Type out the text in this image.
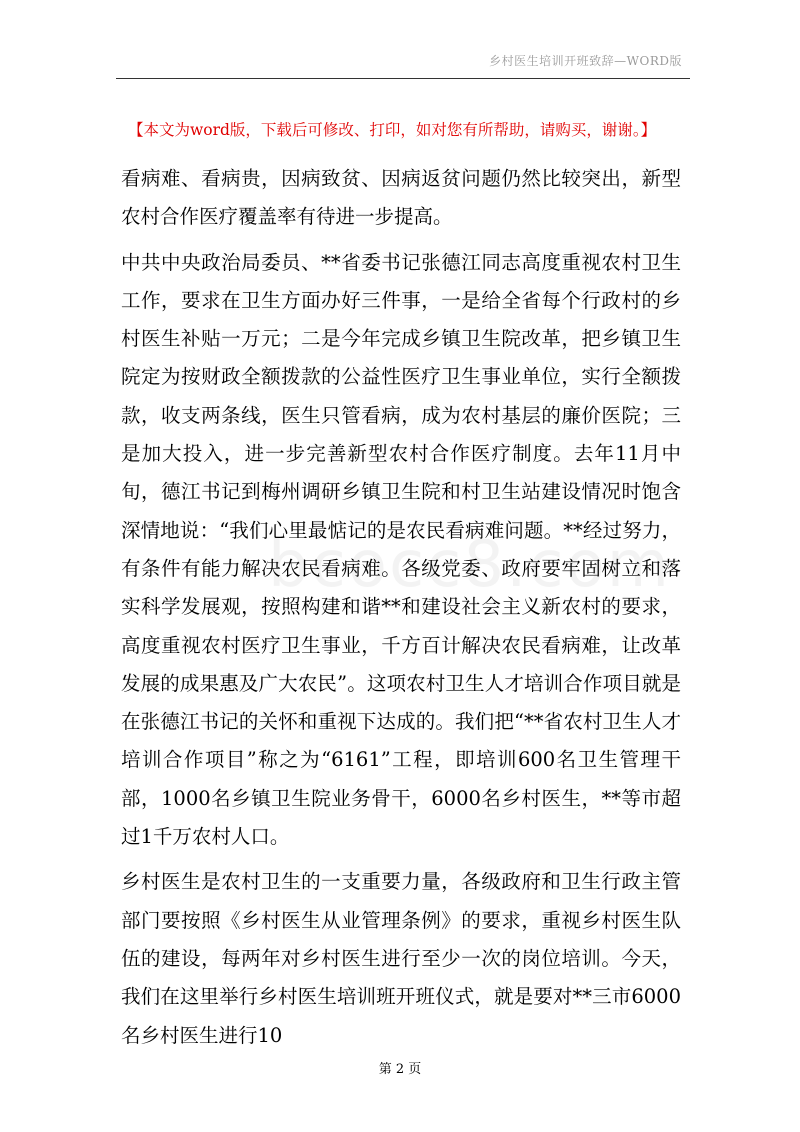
乡村医生培训开班致辞—WORD版
【本文为word版，下载后可修改、打印，如对您有所帮助，请购买，谢谢。】

看病难、看病贵，因病致贫、因病返贫问题仍然比较突出，新型农村合作医疗覆盖率有待进一步提高。

中共中央政治局委员、**省委书记张德江同志高度重视农村卫生工作，要求在卫生方面办好三件事，一是给全省每个行政村的乡村医生补贴一万元；二是今年完成乡镇卫生院改革，把乡镇卫生院定为按财政全额拨款的公益性医疗卫生事业单位，实行全额拨款，收支两条线，医生只管看病，成为农村基层的廉价医院；三是加大投入，进一步完善新型农村合作医疗制度。去年11月中旬，德江书记到梅州调研乡镇卫生院和村卫生站建设情况时饱含深情地说：“我们心里最惦记的是农民看病难问题。**经过努力，有条件有能力解决农民看病难。各级党委、政府要牢固树立和落实科学发展观，按照构建和谐**和建设社会主义新农村的要求，高度重视农村医疗卫生事业，千方百计解决农民看病难，让改革发展的成果惠及广大农民”。这项农村卫生人才培训合作项目就是在张德江书记的关怀和重视下达成的。我们把“**省农村卫生人才培训合作项目”称之为“6161”工程，即培训600名卫生管理干部，1000名乡镇卫生院业务骨干，6000名乡村医生，**等市超过1千万农村人口。

乡村医生是农村卫生的一支重要力量，各级政府和卫生行政主管部门要按照《乡村医生从业管理条例》的要求，重视乡村医生队伍的建设，每两年对乡村医生进行至少一次的岗位培训。今天，我们在这里举行乡村医生培训班开班仪式，就是要对**三市6000名乡村医生进行10

第 2 页
